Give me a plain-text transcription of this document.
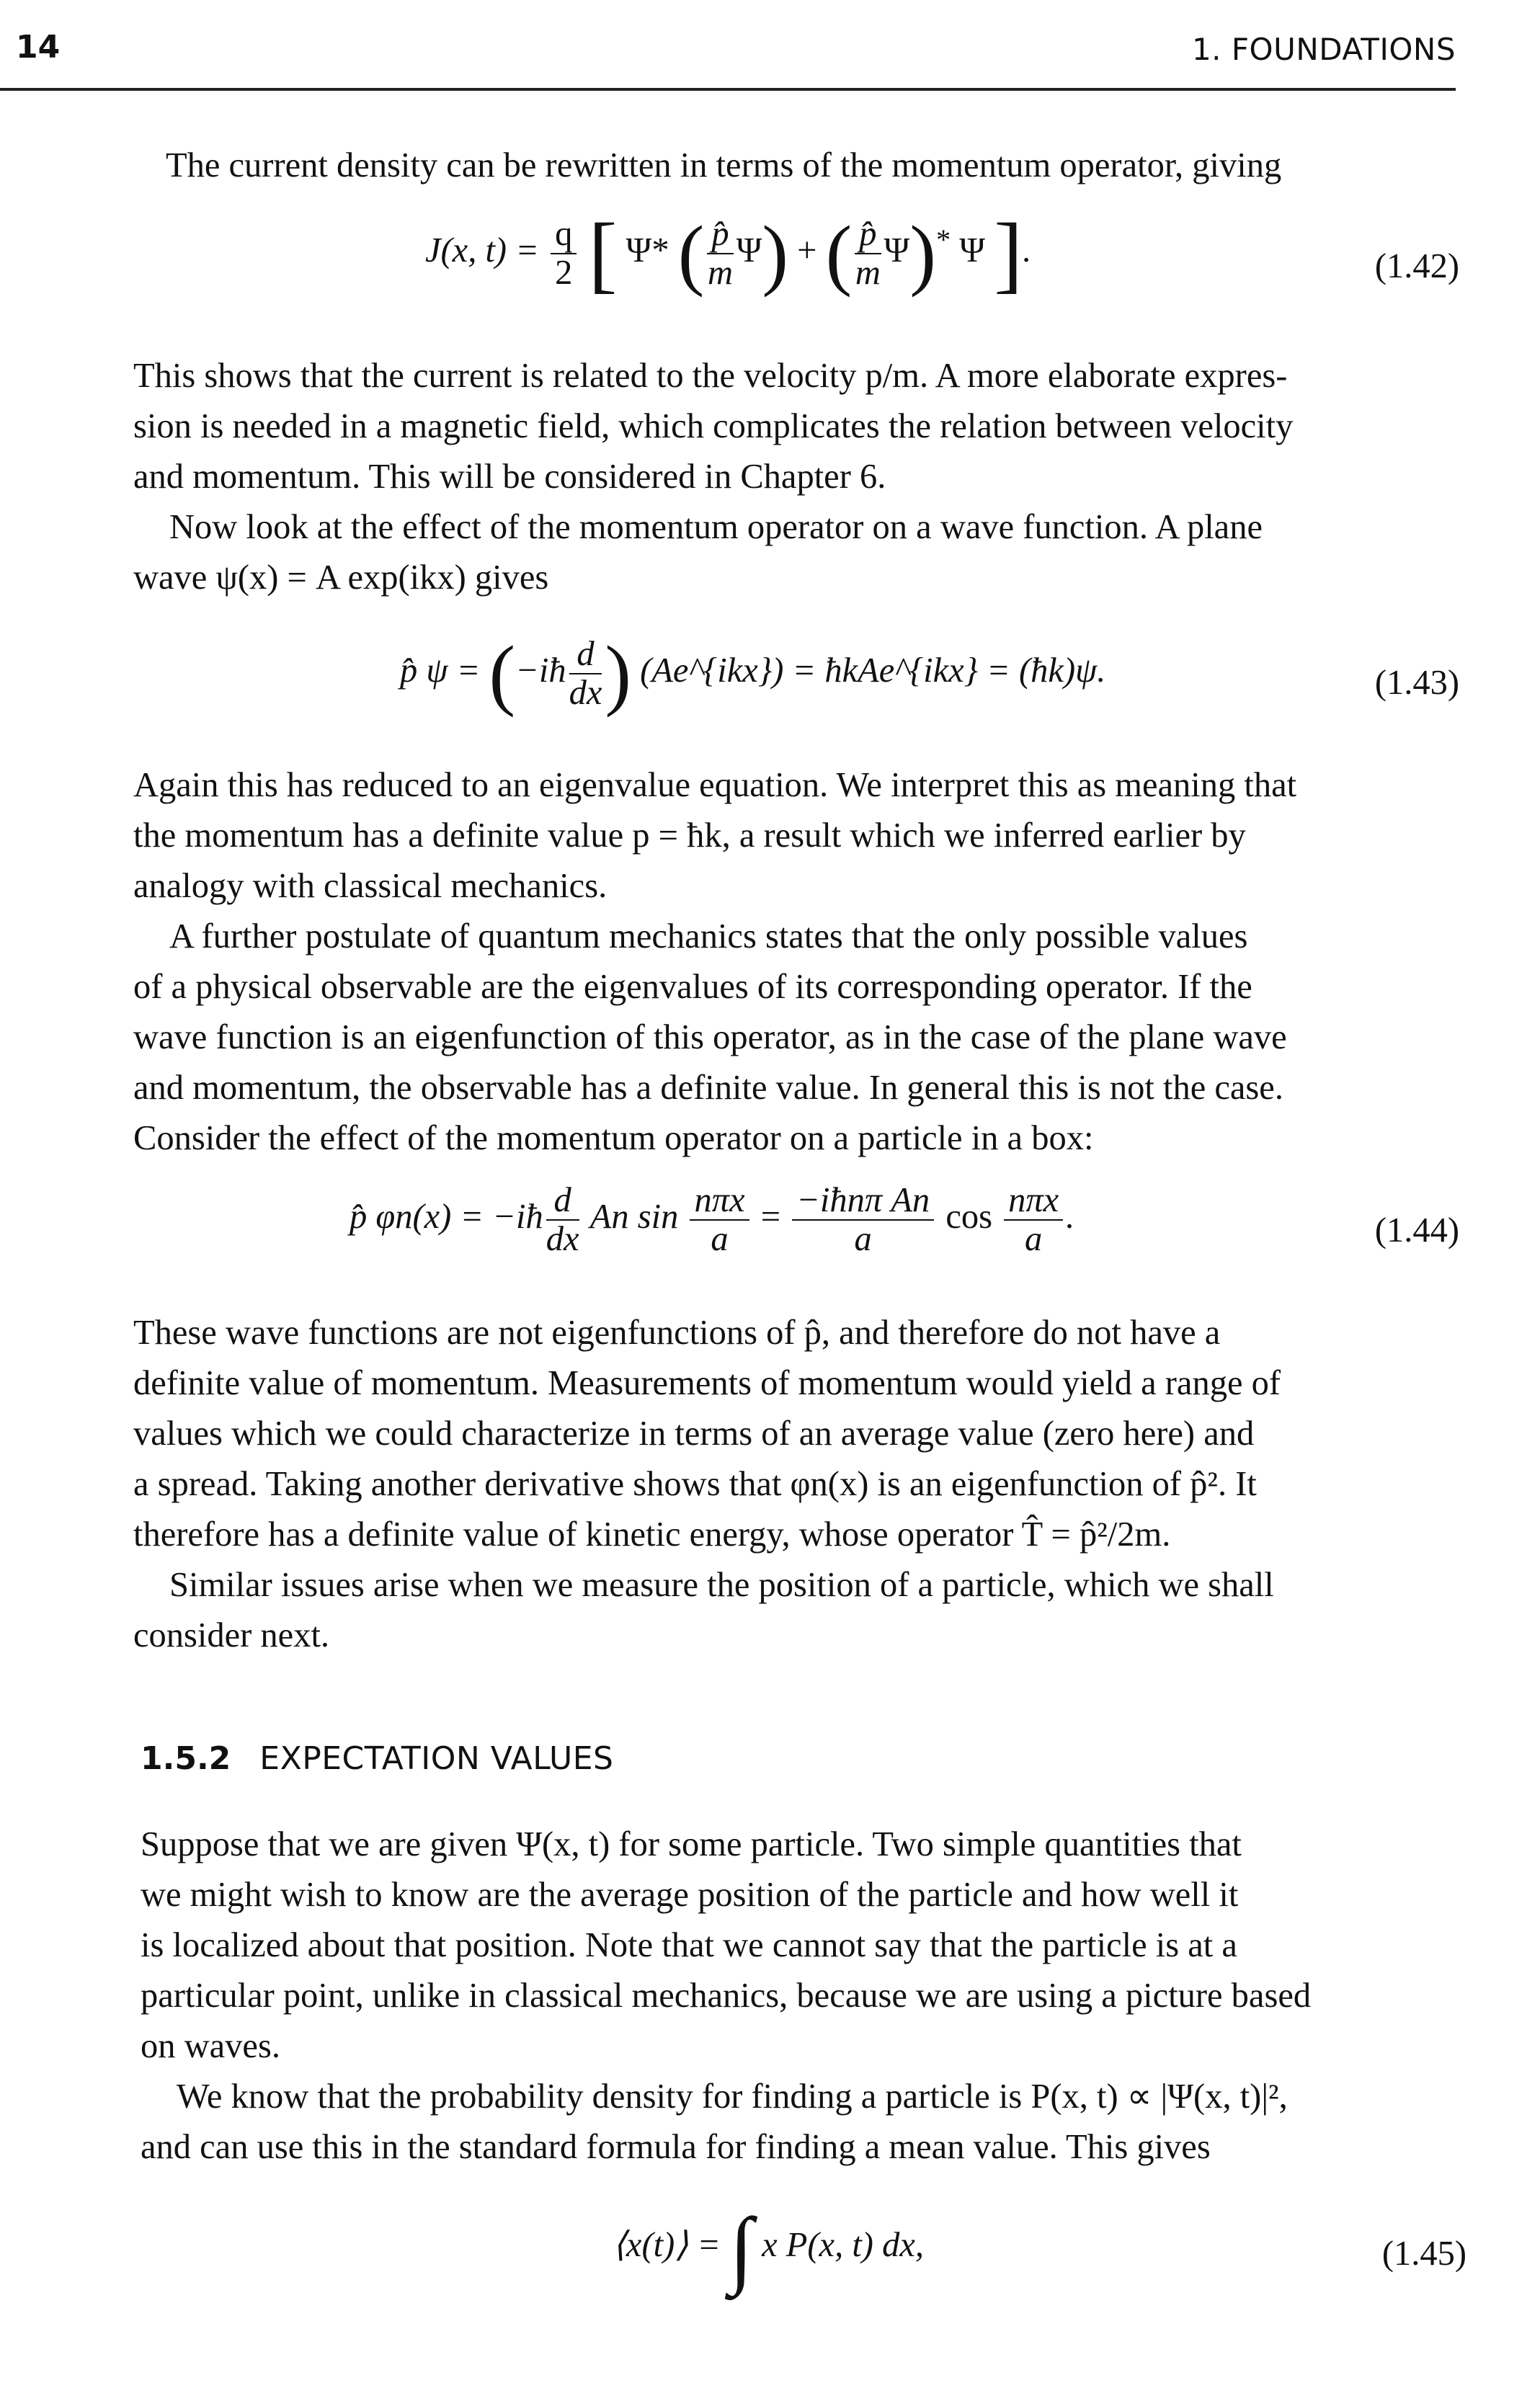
14	1. FOUNDATIONS
The current density can be rewritten in terms of the momentum operator, giving
J(x, $t) = \frac{q}{2}$ [ Ψ* ( $\frac{p̂}{m} \Psi$) + ( $\frac{p̂}{m} \Psi)^*$ Ψ ].	(1.42)
This shows that the current is related to the velocity p/m. A more elaborate expres-
sion is needed in a magnetic field, which complicates the relation between velocity
and momentum. This will be considered in Chapter 6.
Now look at the effect of the momentum operator on a wave function. A plane
wave ψ(x) = A exp(ikx) gives
p̂ ψ = (−iħ $\frac{d}{dx}$ ) (Ae^{ikx}) = ħkAe^{ikx} = (ħk)ψ.	(1.43)
Again this has reduced to an eigenvalue equation. We interpret this as meaning that
the momentum has a definite value p = ħk, a result which we inferred earlier by
analogy with classical mechanics.
A further postulate of quantum mechanics states that the only possible values
of a physical observable are the eigenvalues of its corresponding operator. If the
wave function is an eigenfunction of this operator, as in the case of the plane wave
and momentum, the observable has a definite value. In general this is not the case.
Consider the effect of the momentum operator on a particle in a box:
p̂ φn(x) = −iħ $\frac{d}{dx}$ An $\sin \frac{\text{nπx}}{a} = \frac{\text{−iħnπ An}}{a}$ $\cos \frac{\text{nπx}}{a}$ .	(1.44)
These wave functions are not eigenfunctions of p̂, and therefore do not have a
definite value of momentum. Measurements of momentum would yield a range of
values which we could characterize in terms of an average value (zero here) and
a spread. Taking another derivative shows that φn(x) is an eigenfunction of p̂². It
therefore has a definite value of kinetic energy, whose operator T̂ = p̂²/2m.
Similar issues arise when we measure the position of a particle, which we shall
consider next.
1.5.2 EXPECTATION VALUES
Suppose that we are given Ψ(x, t) for some particle. Two simple quantities that
we might wish to know are the average position of the particle and how well it
is localized about that position. Note that we cannot say that the particle is at a
particular point, unlike in classical mechanics, because we are using a picture based
on waves.
We know that the probability density for finding a particle is P(x, t) ∝ |Ψ(x, t)|²,
and can use this in the standard formula for finding a mean value. This gives
⟨x(t)⟩ = ∫ x P(x, t) dx,	(1.45)
